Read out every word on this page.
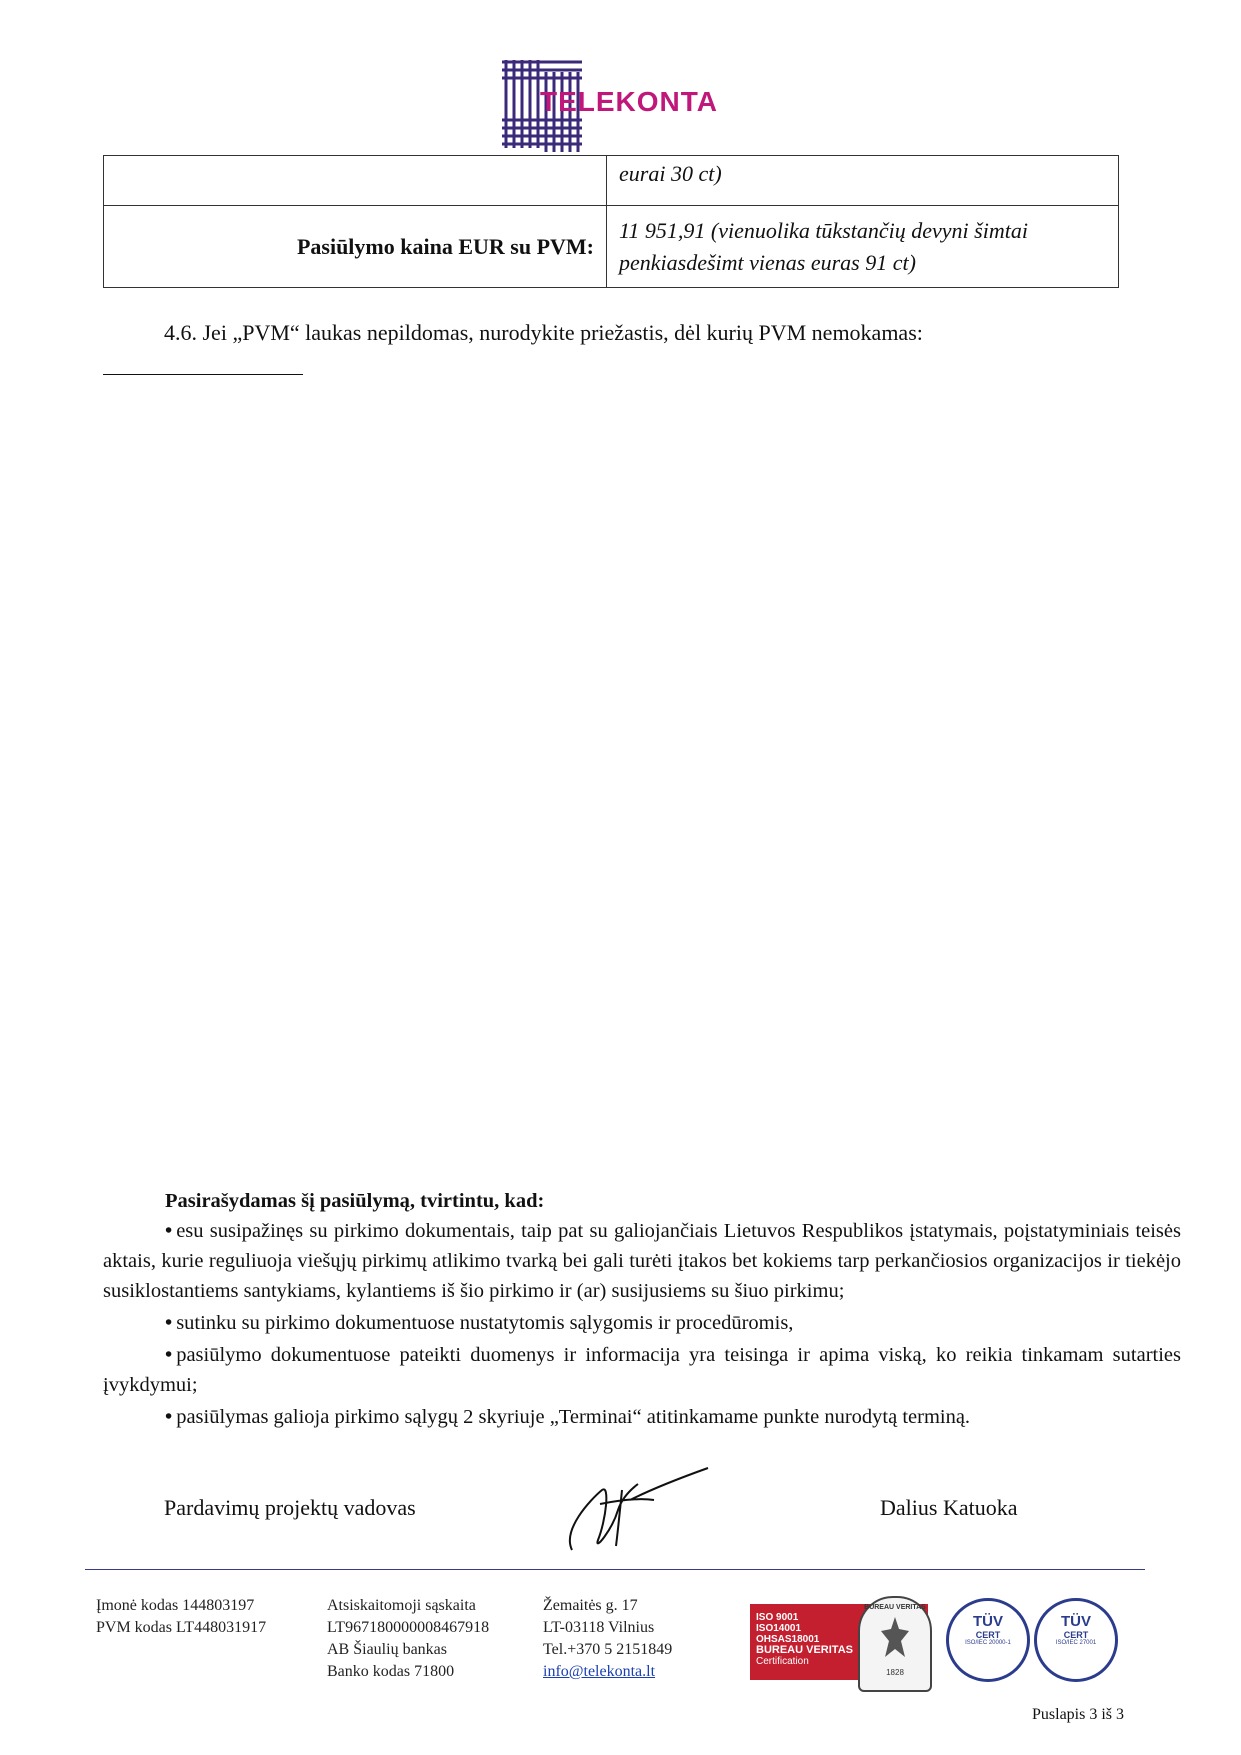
TELEKONTA
	eurai 30 ct)
Pasiūlymo kaina EUR su PVM:	11 951,91 (vienuolika tūkstančių devyni šimtai
penkiasdešimt vienas euras 91 ct)
4.6. Jei „PVM“ laukas nepildomas, nurodykite priežastis, dėl kurių PVM nemokamas:

Pasirašydamas šį pasiūlymą, tvirtintu, kad:

• esu susipažinęs su pirkimo dokumentais, taip pat su galiojančiais Lietuvos Respublikos įstatymais, poįstatyminiais teisės aktais, kurie reguliuoja viešųjų pirkimų atlikimo tvarką bei gali turėti įtakos bet kokiems tarp perkančiosios organizacijos ir tiekėjo susiklostantiems santykiams, kylantiems iš šio pirkimo ir (ar) susijusiems su šiuo pirkimu;

• sutinku su pirkimo dokumentuose nustatytomis sąlygomis ir procedūromis,

• pasiūlymo dokumentuose pateikti duomenys ir informacija yra teisinga ir apima viską, ko reikia tinkamam sutarties įvykdymui;

• pasiūlymas galioja pirkimo sąlygų 2 skyriuje „Terminai“ atitinkamame punkte nurodytą terminą.

Pardavimų projektų vadovas	Dalius Katuoka
Įmonė kodas 144803197
PVM kodas LT448031917
Atsiskaitomoji sąskaita
LT967180000008467918
AB Šiaulių bankas
Banko kodas 71800
Žemaitės g. 17
LT-03118 Vilnius
Tel.+370 5 2151849
info@telekonta.lt
ISO 9001
ISO14001
OHSAS18001
BUREAU VERITAS
Certification
BUREAU VERITAS
1828
TÜV
CERT
ISO/IEC 20000-1
TÜV
CERT
ISO/IEC 27001
Puslapis 3 iš 3
